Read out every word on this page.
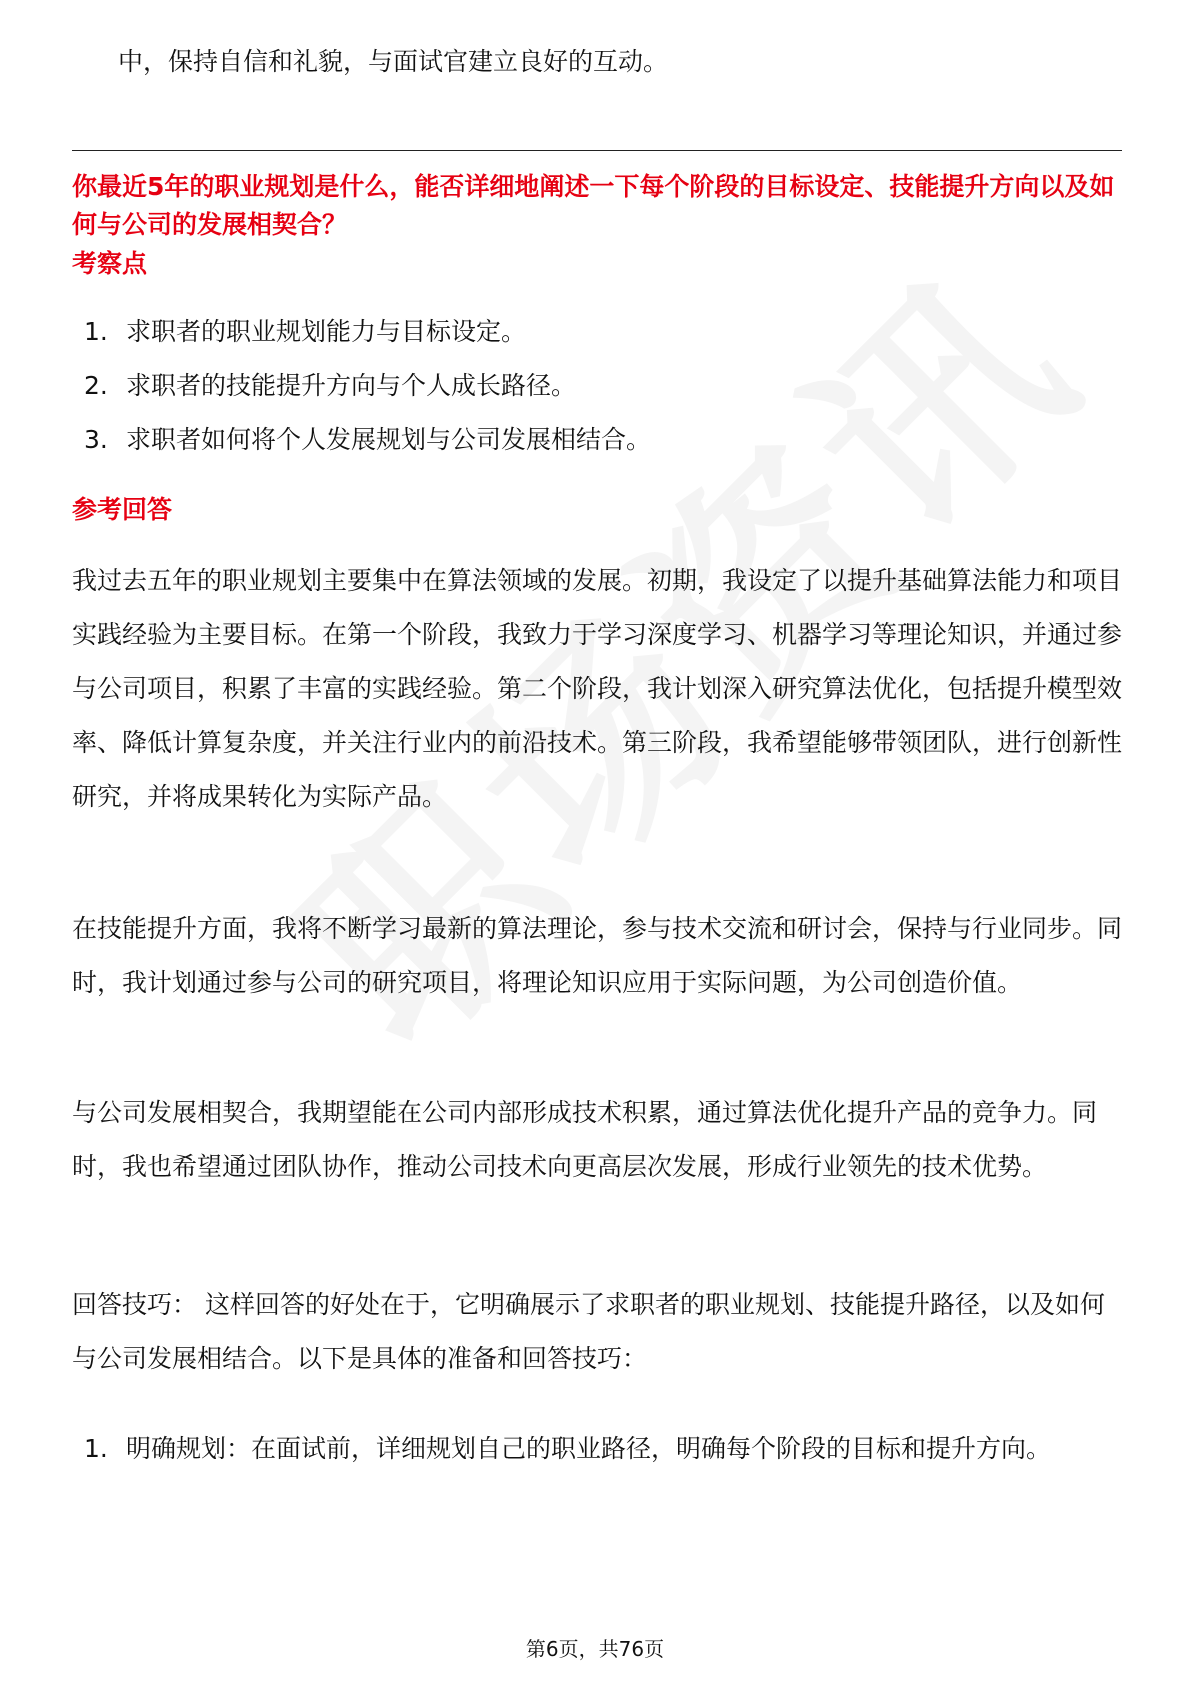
中，保持自信和礼貌，与面试官建立良好的互动。
你最近5年的职业规划是什么，能否详细地阐述一下每个阶段的目标设定、技能提升方向以及如何与公司的发展相契合？
考察点
1. 求职者的职业规划能力与目标设定。
2. 求职者的技能提升方向与个人成长路径。
3. 求职者如何将个人发展规划与公司发展相结合。
参考回答

我过去五年的职业规划主要集中在算法领域的发展。初期，我设定了以提升基础算法能力和项目实践经验为主要目标。在第一个阶段，我致力于学习深度学习、机器学习等理论知识，并通过参与公司项目，积累了丰富的实践经验。第二个阶段，我计划深入研究算法优化，包括提升模型效率、降低计算复杂度，并关注行业内的前沿技术。第三阶段，我希望能够带领团队，进行创新性研究，并将成果转化为实际产品。

在技能提升方面，我将不断学习最新的算法理论，参与技术交流和研讨会，保持与行业同步。同时，我计划通过参与公司的研究项目，将理论知识应用于实际问题，为公司创造价值。

与公司发展相契合，我期望能在公司内部形成技术积累，通过算法优化提升产品的竞争力。同时，我也希望通过团队协作，推动公司技术向更高层次发展，形成行业领先的技术优势。

回答技巧： 这样回答的好处在于，它明确展示了求职者的职业规划、技能提升路径，以及如何与公司发展相结合。以下是具体的准备和回答技巧：

1. 明确规划：在面试前，详细规划自己的职业路径，明确每个阶段的目标和提升方向。
第6页，共76页
